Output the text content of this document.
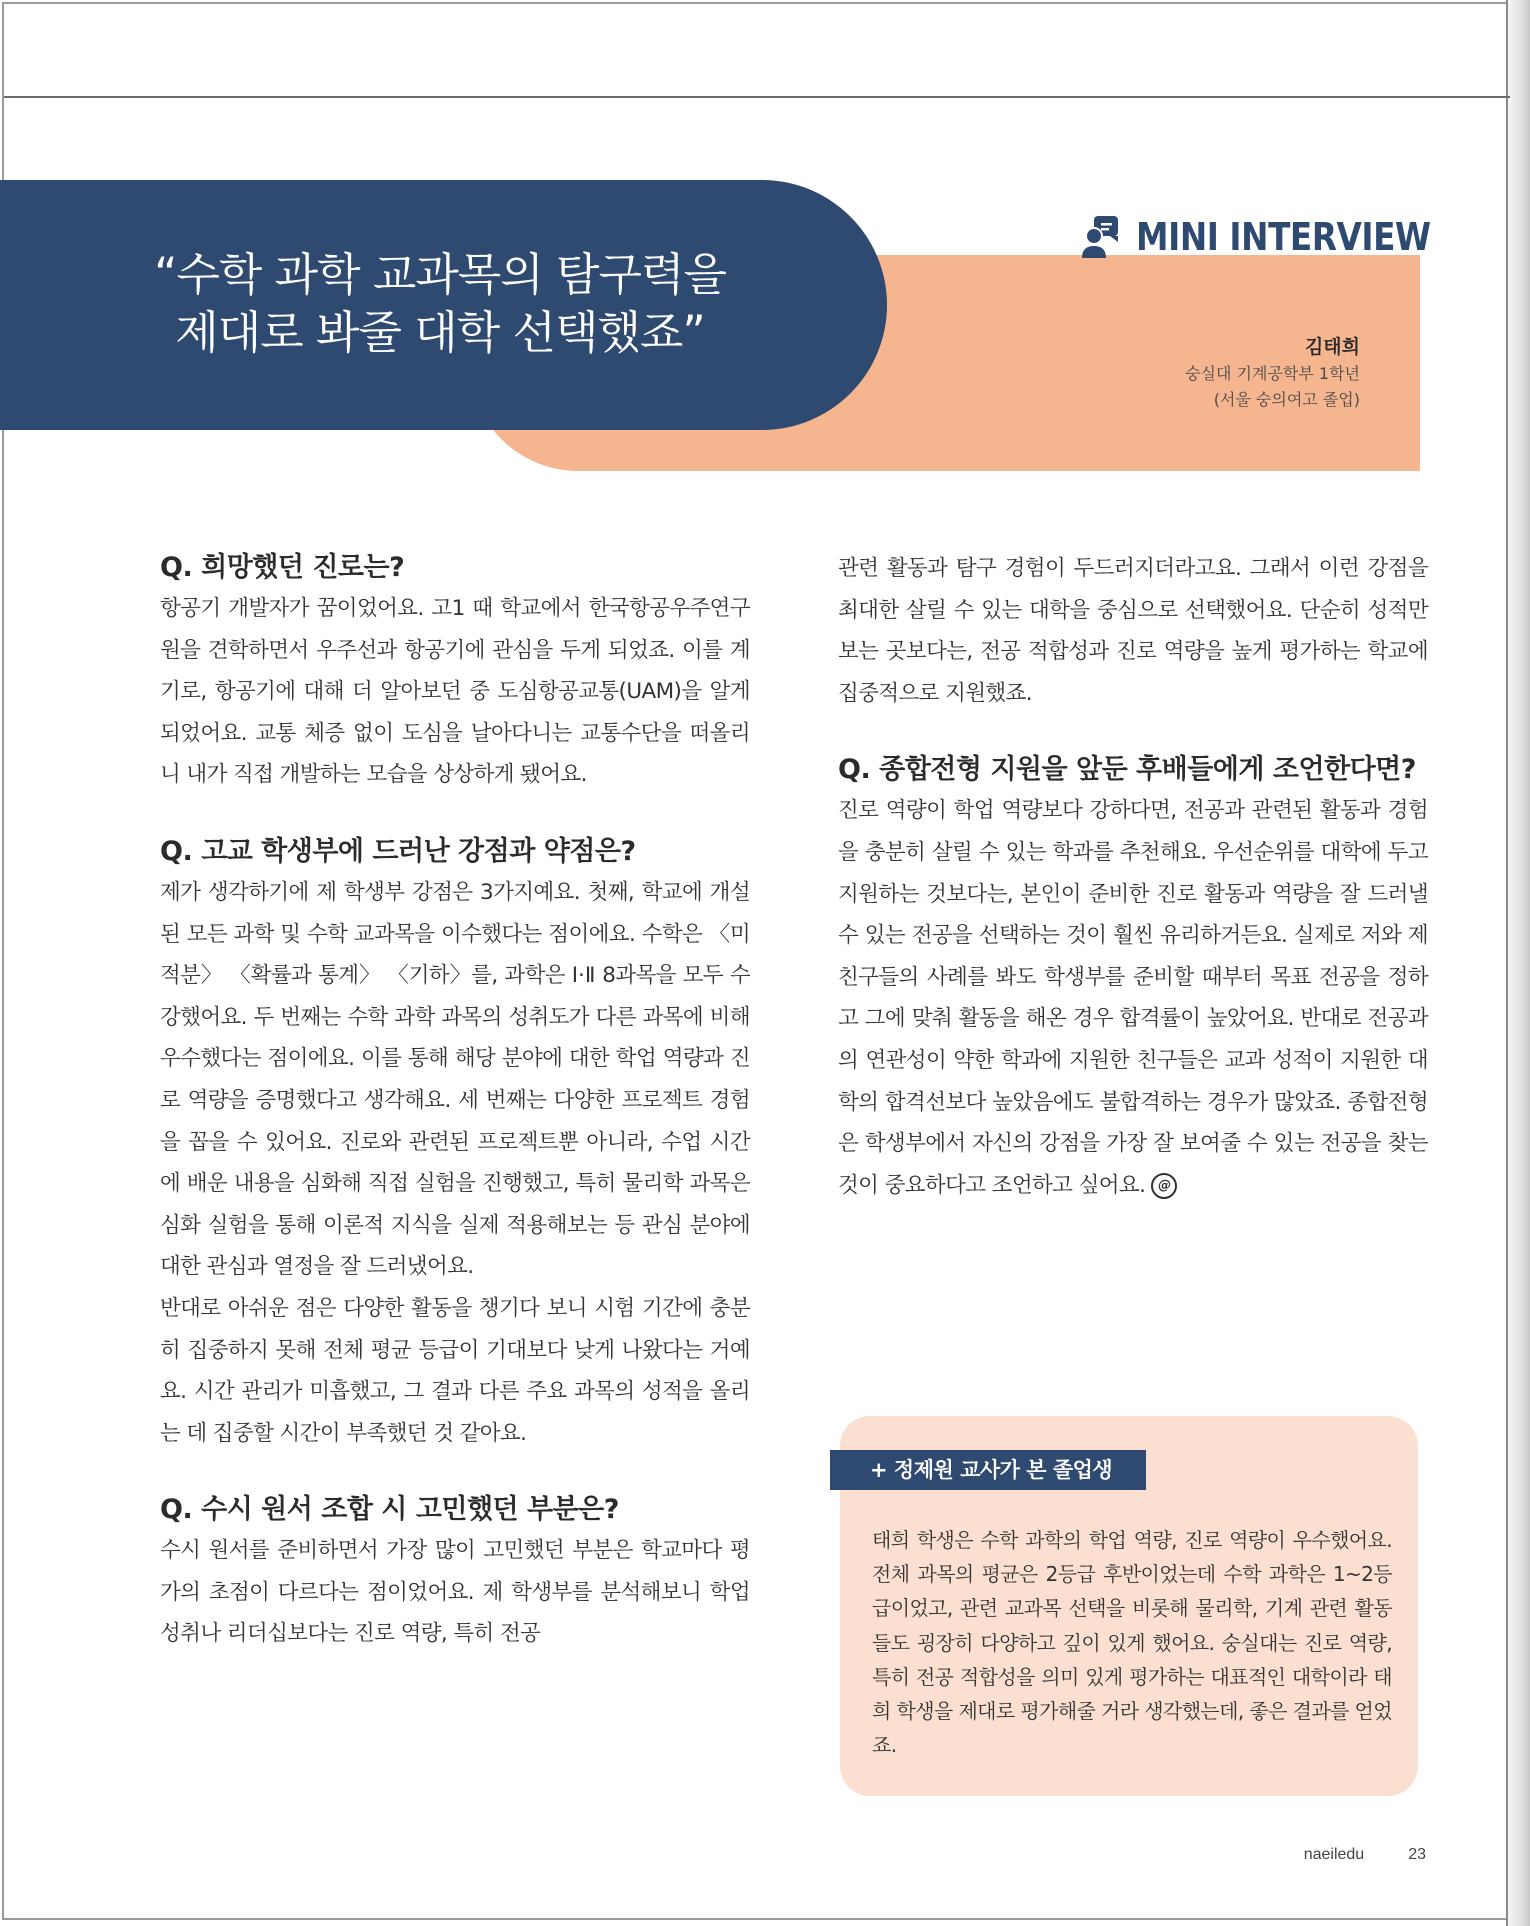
“수학 과학 교과목의 탐구력을 제대로 봐줄 대학 선택했죠”
MINI INTERVIEW
김태희
숭실대 기계공학부 1학년
(서울 숭의여고 졸업)
Q. 희망했던 진로는?

항공기 개발자가 꿈이었어요. 고1 때 학교에서 한국항공우주연구원을 견학하면서 우주선과 항공기에 관심을 두게 되었죠. 이를 계기로, 항공기에 대해 더 알아보던 중 도심항공교통(UAM)을 알게 되었어요. 교통 체증 없이 도심을 날아다니는 교통수단을 떠올리니 내가 직접 개발하는 모습을 상상하게 됐어요.

Q. 고교 학생부에 드러난 강점과 약점은?

제가 생각하기에 제 학생부 강점은 3가지예요. 첫째, 학교에 개설된 모든 과학 및 수학 교과목을 이수했다는 점이에요. 수학은 〈미적분〉 〈확률과 통계〉 〈기하〉를, 과학은 Ⅰ·Ⅱ 8과목을 모두 수강했어요. 두 번째는 수학 과학 과목의 성취도가 다른 과목에 비해 우수했다는 점이에요. 이를 통해 해당 분야에 대한 학업 역량과 진로 역량을 증명했다고 생각해요. 세 번째는 다양한 프로젝트 경험을 꼽을 수 있어요. 진로와 관련된 프로젝트뿐 아니라, 수업 시간에 배운 내용을 심화해 직접 실험을 진행했고, 특히 물리학 과목은 심화 실험을 통해 이론적 지식을 실제 적용해보는 등 관심 분야에 대한 관심과 열정을 잘 드러냈어요.

반대로 아쉬운 점은 다양한 활동을 챙기다 보니 시험 기간에 충분히 집중하지 못해 전체 평균 등급이 기대보다 낮게 나왔다는 거예요. 시간 관리가 미흡했고, 그 결과 다른 주요 과목의 성적을 올리는 데 집중할 시간이 부족했던 것 같아요.

Q. 수시 원서 조합 시 고민했던 부분은?

수시 원서를 준비하면서 가장 많이 고민했던 부분은 학교마다 평가의 초점이 다르다는 점이었어요. 제 학생부를 분석해보니 학업 성취나 리더십보다는 진로 역량, 특히 전공

관련 활동과 탐구 경험이 두드러지더라고요. 그래서 이런 강점을 최대한 살릴 수 있는 대학을 중심으로 선택했어요. 단순히 성적만 보는 곳보다는, 전공 적합성과 진로 역량을 높게 평가하는 학교에 집중적으로 지원했죠.

Q. 종합전형 지원을 앞둔 후배들에게 조언한다면?

진로 역량이 학업 역량보다 강하다면, 전공과 관련된 활동과 경험을 충분히 살릴 수 있는 학과를 추천해요. 우선순위를 대학에 두고 지원하는 것보다는, 본인이 준비한 진로 활동과 역량을 잘 드러낼 수 있는 전공을 선택하는 것이 훨씬 유리하거든요. 실제로 저와 제 친구들의 사례를 봐도 학생부를 준비할 때부터 목표 전공을 정하고 그에 맞춰 활동을 해온 경우 합격률이 높았어요. 반대로 전공과의 연관성이 약한 학과에 지원한 친구들은 교과 성적이 지원한 대학의 합격선보다 높았음에도 불합격하는 경우가 많았죠. 종합전형은 학생부에서 자신의 강점을 가장 잘 보여줄 수 있는 전공을 찾는 것이 중요하다고 조언하고 싶어요. @

+ 정제원 교사가 본 졸업생
태희 학생은 수학 과학의 학업 역량, 진로 역량이 우수했어요. 전체 과목의 평균은 2등급 후반이었는데 수학 과학은 1~2등급이었고, 관련 교과목 선택을 비롯해 물리학, 기계 관련 활동들도 굉장히 다양하고 깊이 있게 했어요. 숭실대는 진로 역량, 특히 전공 적합성을 의미 있게 평가하는 대표적인 대학이라 태희 학생을 제대로 평가해줄 거라 생각했는데, 좋은 결과를 얻었죠.
naeiledu	23
